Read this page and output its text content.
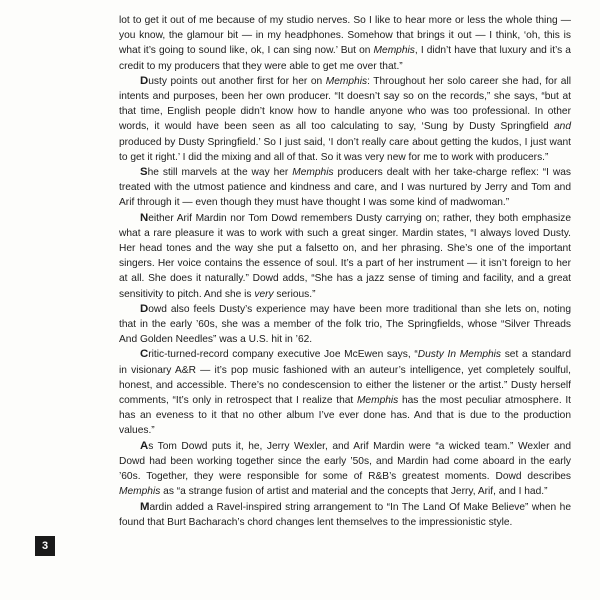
lot to get it out of me because of my studio nerves. So I like to hear more or less the whole thing — you know, the glamour bit — in my headphones. Somehow that brings it out — I think, ‘oh, this is what it’s going to sound like, ok, I can sing now.’ But on Memphis, I didn’t have that luxury and it’s a credit to my producers that they were able to get me over that.”

Dusty points out another first for her on Memphis: Throughout her solo career she had, for all intents and purposes, been her own producer. “It doesn’t say so on the records,” she says, “but at that time, English people didn’t know how to handle anyone who was too professional. In other words, it would have been seen as all too calculating to say, ‘Sung by Dusty Springfield and produced by Dusty Springfield.’ So I just said, ‘I don’t really care about getting the kudos, I just want to get it right.’ I did the mixing and all of that. So it was very new for me to work with producers.”

She still marvels at the way her Memphis producers dealt with her take-charge reflex: “I was treated with the utmost patience and kindness and care, and I was nurtured by Jerry and Tom and Arif through it — even though they must have thought I was some kind of madwoman.”

Neither Arif Mardin nor Tom Dowd remembers Dusty carrying on; rather, they both emphasize what a rare pleasure it was to work with such a great singer. Mardin states, “I always loved Dusty. Her head tones and the way she put a falsetto on, and her phrasing. She’s one of the important singers. Her voice contains the essence of soul. It’s a part of her instrument — it isn’t foreign to her at all. She does it naturally.” Dowd adds, “She has a jazz sense of timing and facility, and a great sensitivity to pitch. And she is very serious.”

Dowd also feels Dusty’s experience may have been more traditional than she lets on, noting that in the early ’60s, she was a member of the folk trio, The Springfields, whose “Silver Threads And Golden Needles” was a U.S. hit in ’62.

Critic-turned-record company executive Joe McEwen says, “Dusty In Memphis set a standard in visionary A&R — it’s pop music fashioned with an auteur’s intelligence, yet completely soulful, honest, and accessible. There’s no condescension to either the listener or the artist.” Dusty herself comments, “It’s only in retrospect that I realize that Memphis has the most peculiar atmosphere. It has an eveness to it that no other album I’ve ever done has. And that is due to the production values.”

As Tom Dowd puts it, he, Jerry Wexler, and Arif Mardin were “a wicked team.” Wexler and Dowd had been working together since the early ’50s, and Mardin had come aboard in the early ’60s. Together, they were responsible for some of R&B’s greatest moments. Dowd describes Memphis as “a strange fusion of artist and material and the concepts that Jerry, Arif, and I had.”

Mardin added a Ravel-inspired string arrangement to “In The Land Of Make Believe” when he found that Burt Bacharach’s chord changes lent themselves to the impressionistic style.

3
